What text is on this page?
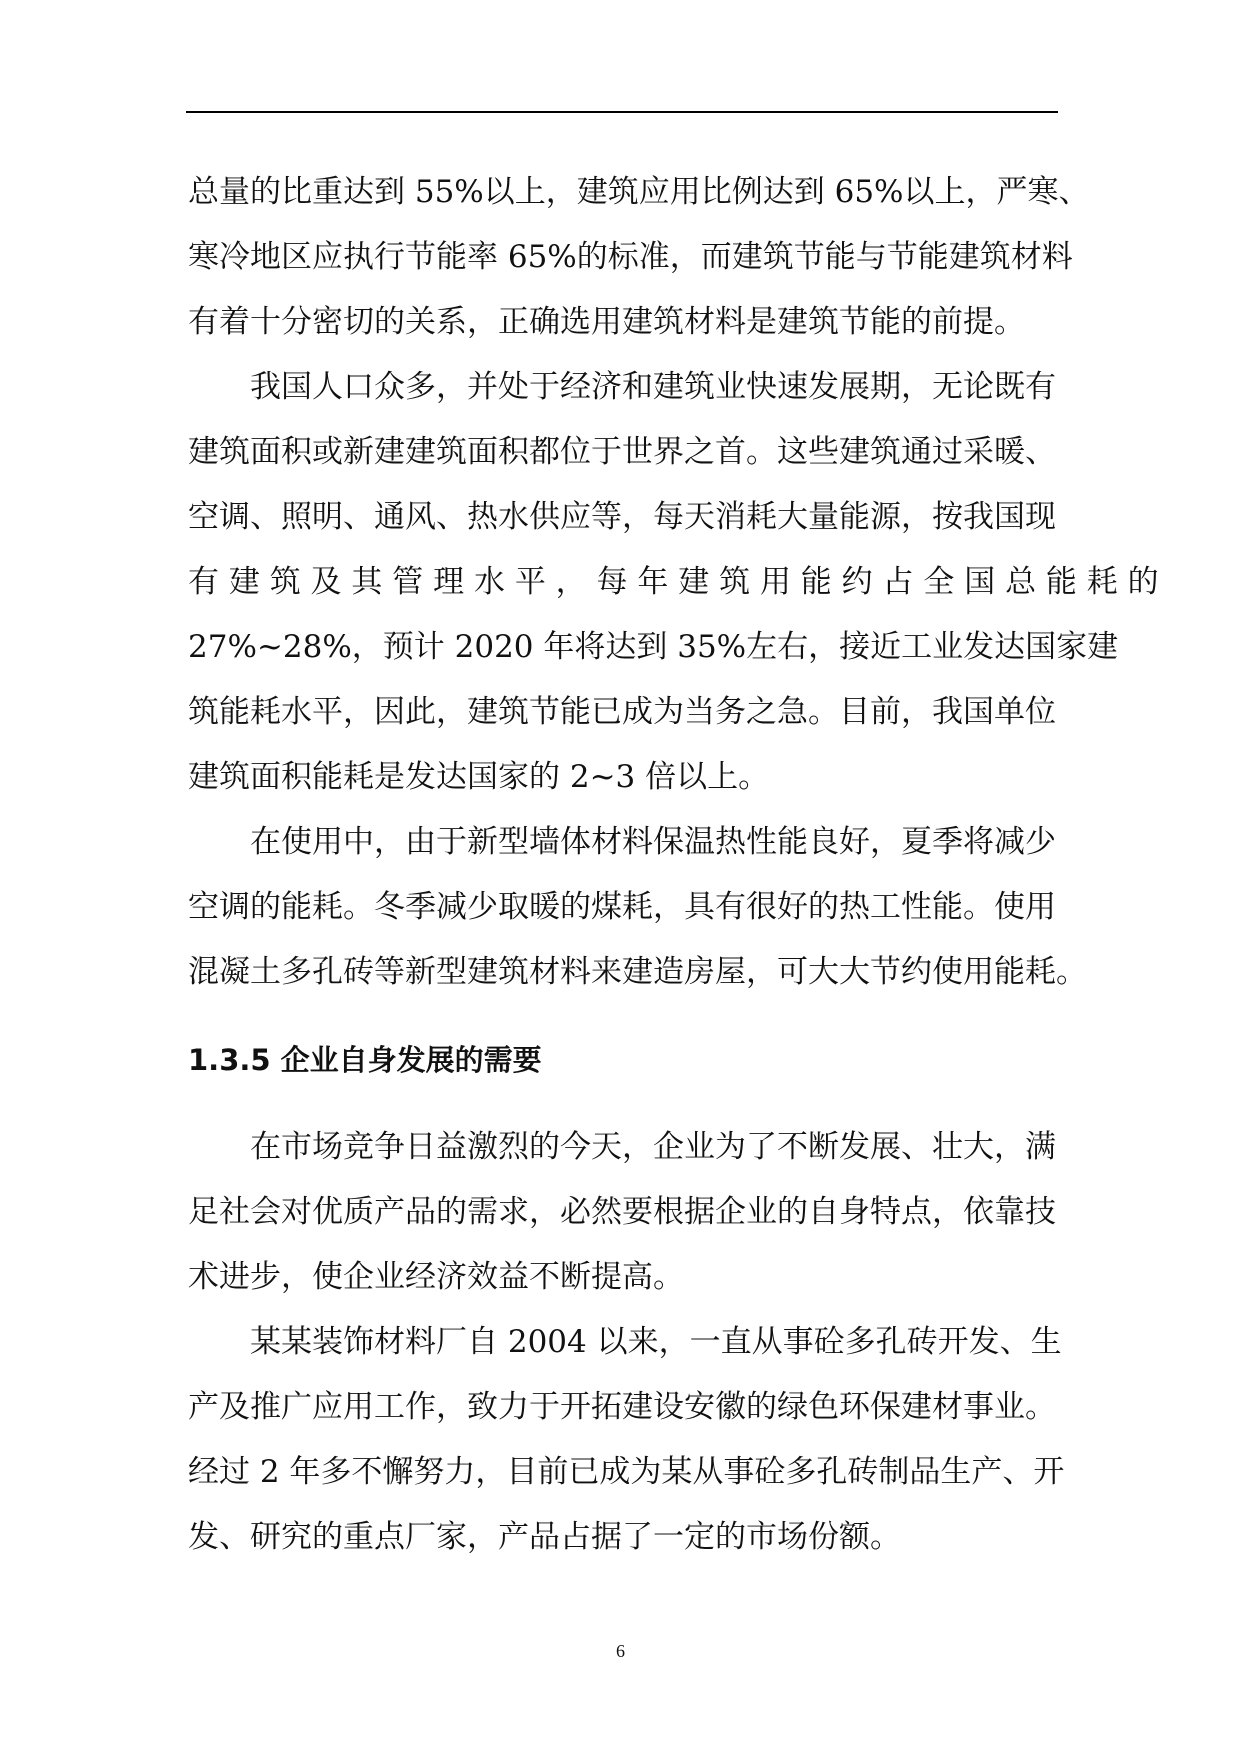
总量的比重达到 55%以上，建筑应用比例达到 65%以上，严寒、
寒冷地区应执行节能率 65%的标准，而建筑节能与节能建筑材料
有着十分密切的关系，正确选用建筑材料是建筑节能的前提。
我国人口众多，并处于经济和建筑业快速发展期，无论既有
建筑面积或新建建筑面积都位于世界之首。这些建筑通过采暖、
空调、照明、通风、热水供应等，每天消耗大量能源，按我国现
有 建 筑 及 其 管 理 水 平 ， 每 年 建 筑 用 能 约 占 全 国 总 能 耗 的
27%~28%，预计 2020 年将达到 35%左右，接近工业发达国家建
筑能耗水平，因此，建筑节能已成为当务之急。目前，我国单位
建筑面积能耗是发达国家的 2~3 倍以上。
在使用中，由于新型墙体材料保温热性能良好，夏季将减少
空调的能耗。冬季减少取暖的煤耗，具有很好的热工性能。使用
混凝土多孔砖等新型建筑材料来建造房屋，可大大节约使用能耗。
1.3.5 企业自身发展的需要
在市场竞争日益激烈的今天，企业为了不断发展、壮大，满
足社会对优质产品的需求，必然要根据企业的自身特点，依靠技
术进步，使企业经济效益不断提高。
某某装饰材料厂自 2004 以来，一直从事砼多孔砖开发、生
产及推广应用工作，致力于开拓建设安徽的绿色环保建材事业。
经过 2 年多不懈努力，目前已成为某从事砼多孔砖制品生产、开
发、研究的重点厂家，产品占据了一定的市场份额。
6
